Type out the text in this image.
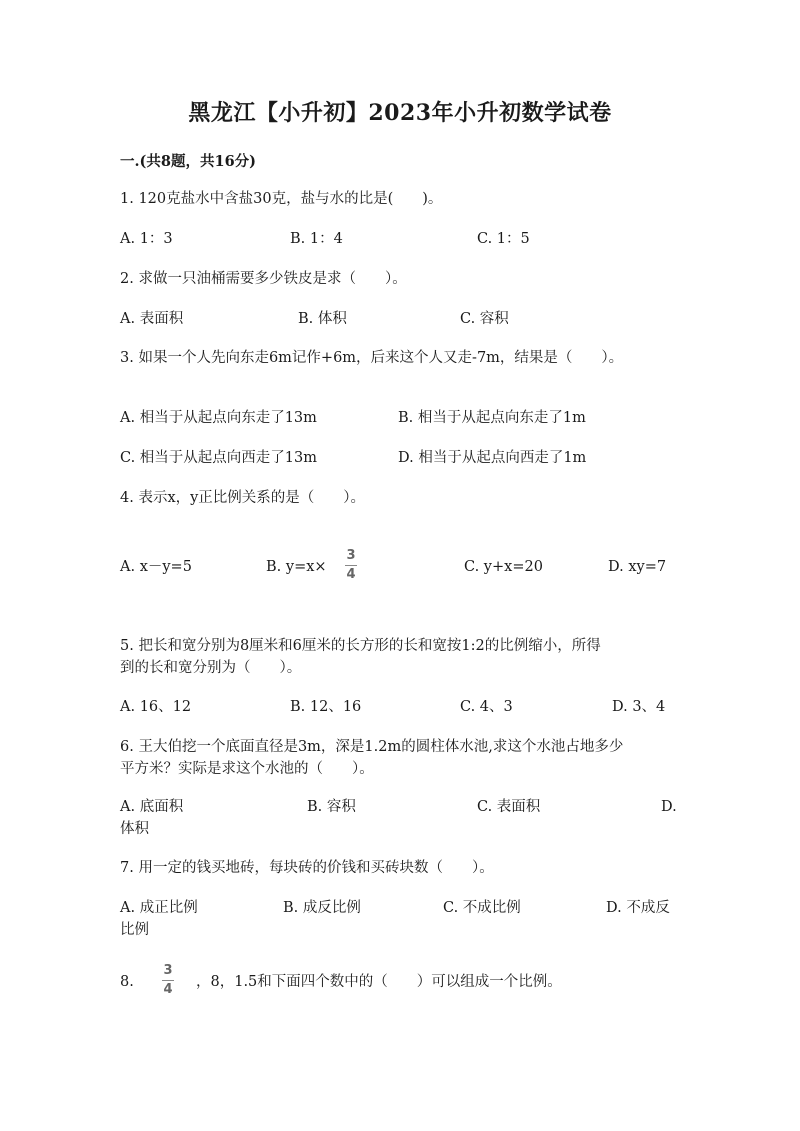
黑龙江【小升初】2023年小升初数学试卷
一.(共8题，共16分)
1. 120克盐水中含盐30克，盐与水的比是(　　)。
A. 1：3	B. 1：4	C. 1：5
2. 求做一只油桶需要多少铁皮是求（　　）。
A. 表面积	B. 体积	C. 容积
3. 如果一个人先向东走6m记作+6m，后来这个人又走-7m，结果是（　　）。
A. 相当于从起点向东走了13m	B. 相当于从起点向东走了1m
C. 相当于从起点向西走了13m	D. 相当于从起点向西走了1m
4. 表示x，y正比例关系的是（　　）。
A. x－y=5	B. y=x×
3
4	C. y+x=20	D. xy=7
5. 把长和宽分别为8厘米和6厘米的长方形的长和宽按1:2的比例缩小，所得
到的长和宽分别为（　　）。
A. 16、12	B. 12、16	C. 4、3	D. 3、4
6. 王大伯挖一个底面直径是3m，深是1.2m的圆柱体水池,求这个水池占地多少
平方米？实际是求这个水池的（　　）。
A. 底面积	B. 容积	C. 表面积	D.
体积
7. 用一定的钱买地砖，每块砖的价钱和买砖块数（　　）。
A. 成正比例	B. 成反比例	C. 不成比例	D. 不成反
比例
8.
3
4 ，8，1.5和下面四个数中的（　　）可以组成一个比例。
